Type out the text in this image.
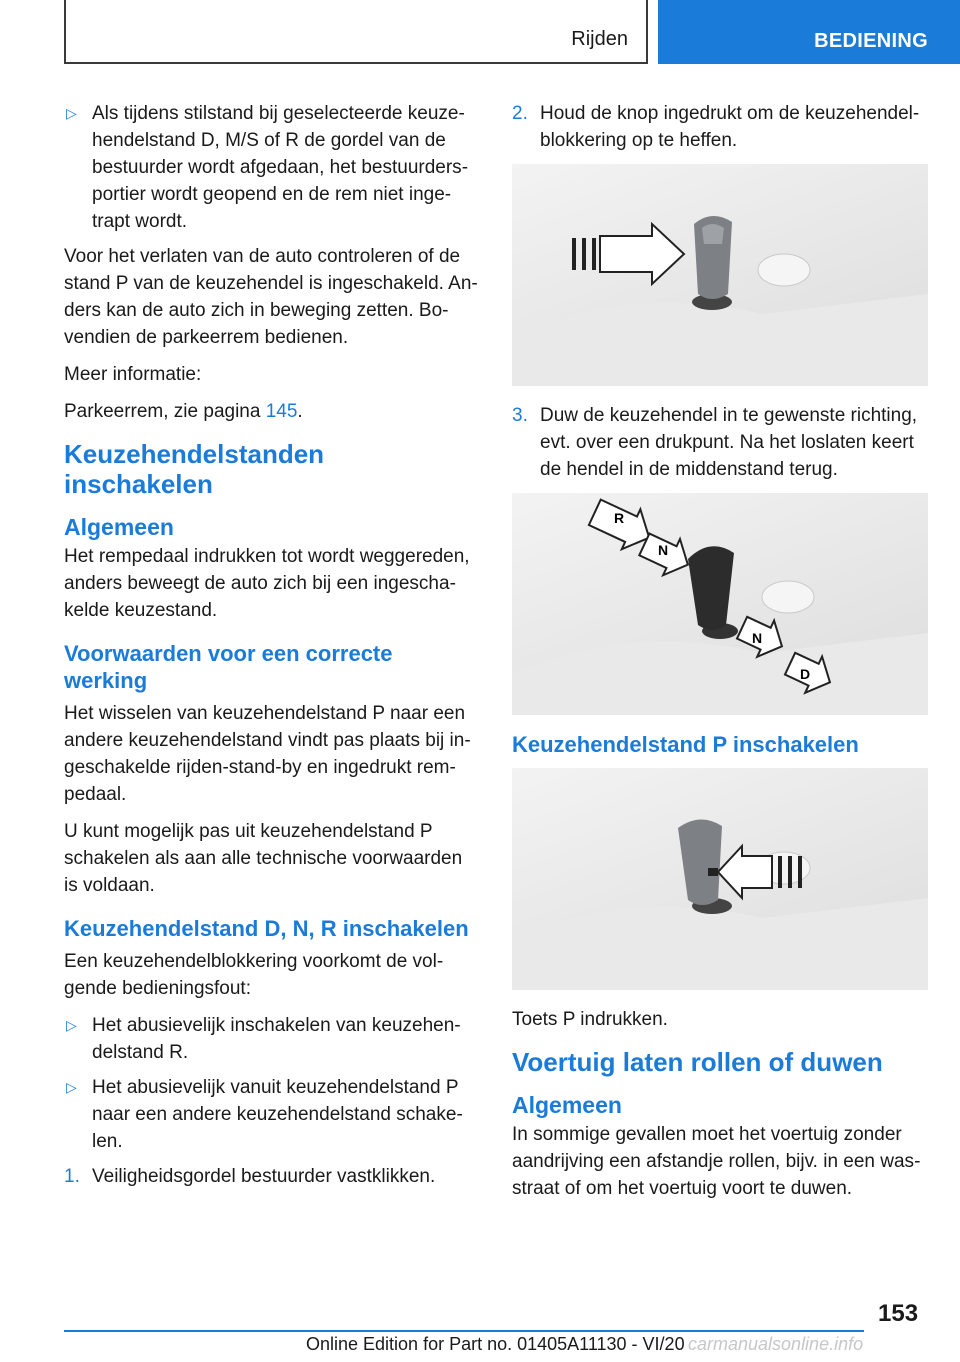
Rijden	BEDIENING
▷ Als tijdens stilstand bij geselecteerde keuzehendelstand D, M/S of R de gordel van de bestuurder wordt afgedaan, het bestuurdersportier wordt geopend en de rem niet ingetrapt wordt.

Voor het verlaten van de auto controleren of de stand P van de keuzehendel is ingeschakeld. Anders kan de auto zich in beweging zetten. Bovendien de parkeerrem bedienen.

Meer informatie:

Parkeerrem, zie pagina 145.

Keuzehendelstanden inschakelen
Algemeen

Het rempedaal indrukken tot wordt weggereden, anders beweegt de auto zich bij een ingeschakelde keuzestand.

Voorwaarden voor een correcte werking

Het wisselen van keuzehendelstand P naar een andere keuzehendelstand vindt pas plaats bij ingeschakelde rijden-stand-by en ingedrukt rempedaal.

U kunt mogelijk pas uit keuzehendelstand P schakelen als aan alle technische voorwaarden is voldaan.

Keuzehendelstand D, N, R inschakelen

Een keuzehendelblokkering voorkomt de volgende bedieningsfout:

▷ Het abusievelijk inschakelen van keuzehendelstand R.
▷ Het abusievelijk vanuit keuzehendelstand P naar een andere keuzehendelstand schakelen.
1. Veiligheidsgordel bestuurder vastklikken.
2. Houd de knop ingedrukt om de keuzehendelblokkering op te heffen.
3. Duw de keuzehendel in te gewenste richting, evt. over een drukpunt. Na het loslaten keert de hendel in de middenstand terug.
R
N
N
D
Keuzehendelstand P inschakelen

Toets P indrukken.

Voertuig laten rollen of duwen
Algemeen

In sommige gevallen moet het voertuig zonder aandrijving een afstandje rollen, bijv. in een wasstraat of om het voertuig voort te duwen.

153
Online Edition for Part no. 01405A11130 - VI/20 carmanualsonline.info
